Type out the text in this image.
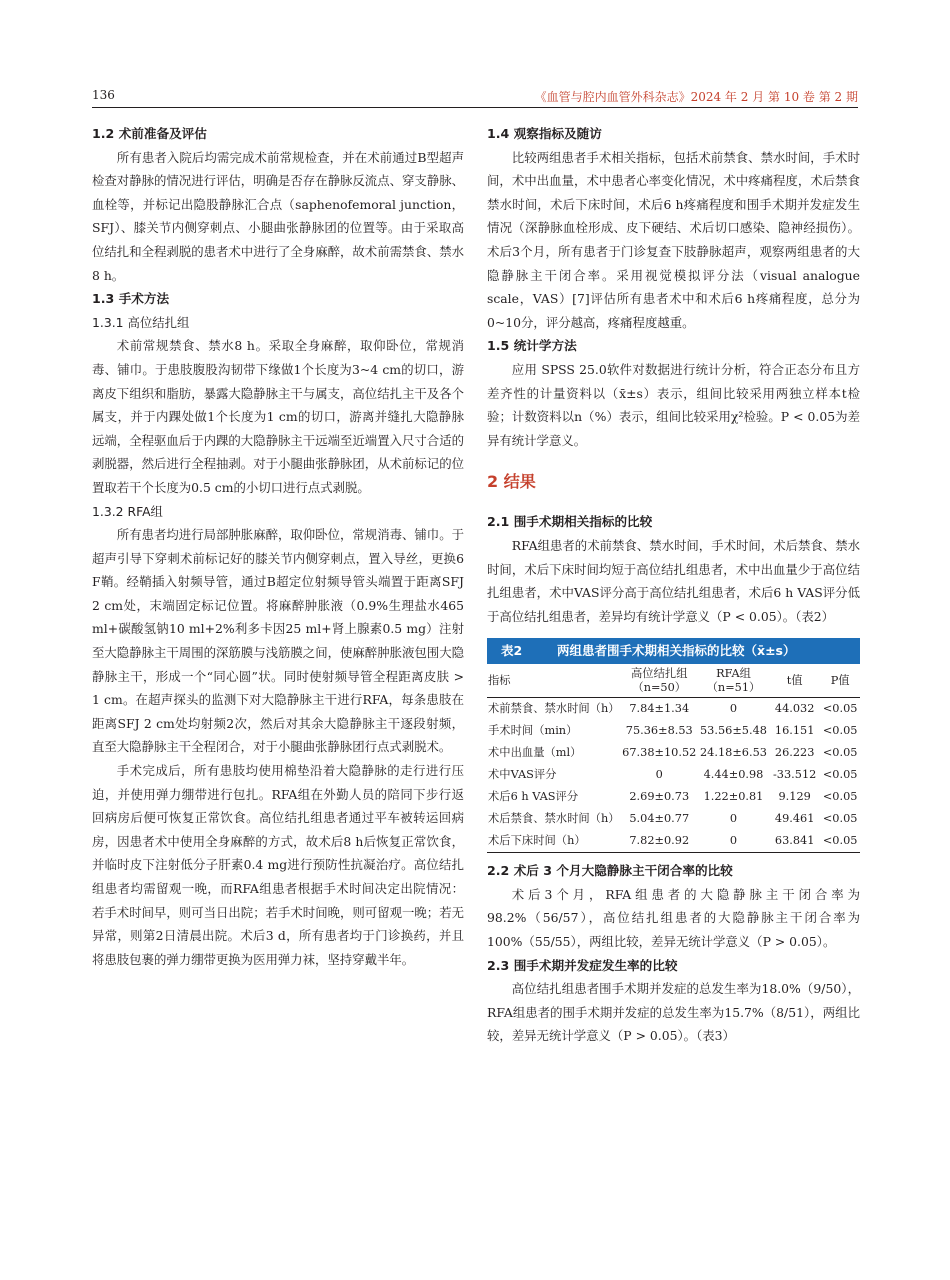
136	《血管与腔内血管外科杂志》2024 年 2 月 第 10 卷 第 2 期
1.2 术前准备及评估
所有患者入院后均需完成术前常规检查，并在术前通过B型超声检查对静脉的情况进行评估，明确是否存在静脉反流点、穿支静脉、血栓等，并标记出隐股静脉汇合点（saphenofemoral junction，SFJ）、膝关节内侧穿刺点、小腿曲张静脉团的位置等。由于采取高位结扎和全程剥脱的患者术中进行了全身麻醉，故术前需禁食、禁水8 h。
1.3 手术方法
1.3.1 高位结扎组
术前常规禁食、禁水8 h。采取全身麻醉，取仰卧位，常规消毒、铺巾。于患肢腹股沟韧带下缘做1个长度为3~4 cm的切口，游离皮下组织和脂肪，暴露大隐静脉主干与属支，高位结扎主干及各个属支，并于内踝处做1个长度为1 cm的切口，游离并缝扎大隐静脉远端，全程驱血后于内踝的大隐静脉主干远端至近端置入尺寸合适的剥脱器，然后进行全程抽剥。对于小腿曲张静脉团，从术前标记的位置取若干个长度为0.5 cm的小切口进行点式剥脱。
1.3.2 RFA组
所有患者均进行局部肿胀麻醉，取仰卧位，常规消毒、铺巾。于超声引导下穿刺术前标记好的膝关节内侧穿刺点，置入导丝，更换6 F鞘。经鞘插入射频导管，通过B超定位射频导管头端置于距离SFJ 2 cm处，末端固定标记位置。将麻醉肿胀液（0.9%生理盐水465 ml+碳酸氢钠10 ml+2%利多卡因25 ml+肾上腺素0.5 mg）注射至大隐静脉主干周围的深筋膜与浅筋膜之间，使麻醉肿胀液包围大隐静脉主干，形成一个“同心圆”状。同时使射频导管全程距离皮肤 > 1 cm。在超声探头的监测下对大隐静脉主干进行RFA，每条患肢在距离SFJ 2 cm处均射频2次，然后对其余大隐静脉主干逐段射频，直至大隐静脉主干全程闭合，对于小腿曲张静脉团行点式剥脱术。
手术完成后，所有患肢均使用棉垫沿着大隐静脉的走行进行压迫，并使用弹力绷带进行包扎。RFA组在外勤人员的陪同下步行返回病房后便可恢复正常饮食。高位结扎组患者通过平车被转运回病房，因患者术中使用全身麻醉的方式，故术后8 h后恢复正常饮食，并临时皮下注射低分子肝素0.4 mg进行预防性抗凝治疗。高位结扎组患者均需留观一晚，而RFA组患者根据手术时间决定出院情况：若手术时间早，则可当日出院；若手术时间晚，则可留观一晚；若无异常，则第2日清晨出院。术后3 d，所有患者均于门诊换药，并且将患肢包裹的弹力绷带更换为医用弹力袜，坚持穿戴半年。
1.4 观察指标及随访
比较两组患者手术相关指标，包括术前禁食、禁水时间，手术时间，术中出血量，术中患者心率变化情况，术中疼痛程度，术后禁食禁水时间，术后下床时间，术后6 h疼痛程度和围手术期并发症发生情况（深静脉血栓形成、皮下硬结、术后切口感染、隐神经损伤）。术后3个月，所有患者于门诊复查下肢静脉超声，观察两组患者的大隐静脉主干闭合率。采用视觉模拟评分法（visual analogue scale，VAS）[7]评估所有患者术中和术后6 h疼痛程度，总分为0~10分，评分越高，疼痛程度越重。
1.5 统计学方法
应用 SPSS 25.0软件对数据进行统计分析，符合正态分布且方差齐性的计量资料以（x̄±s）表示，组间比较采用两独立样本t检验；计数资料以n（%）表示，组间比较采用χ²检验。P < 0.05为差异有统计学意义。
2 结果
2.1 围手术期相关指标的比较
RFA组患者的术前禁食、禁水时间，手术时间，术后禁食、禁水时间，术后下床时间均短于高位结扎组患者，术中出血量少于高位结扎组患者，术中VAS评分高于高位结扎组患者，术后6 h VAS评分低于高位结扎组患者，差异均有统计学意义（P < 0.05）。（表2）
表2	两组患者围手术期相关指标的比较（x̄±s）
指标	高位结扎组（n=50）	RFA组（n=51）	t值	P值
术前禁食、禁水时间（h）	7.84±1.34	0	44.032	<0.05
手术时间（min）	75.36±8.53	53.56±5.48	16.151	<0.05
术中出血量（ml）	67.38±10.52	24.18±6.53	26.223	<0.05
术中VAS评分	0	4.44±0.98	-33.512	<0.05
术后6 h VAS评分	2.69±0.73	1.22±0.81	9.129	<0.05
术后禁食、禁水时间（h）	5.04±0.77	0	49.461	<0.05
术后下床时间（h）	7.82±0.92	0	63.841	<0.05
2.2 术后 3 个月大隐静脉主干闭合率的比较
术后3个月，RFA组患者的大隐静脉主干闭合率为98.2%（56/57），高位结扎组患者的大隐静脉主干闭合率为100%（55/55），两组比较，差异无统计学意义（P > 0.05）。
2.3 围手术期并发症发生率的比较
高位结扎组患者围手术期并发症的总发生率为18.0%（9/50），RFA组患者的围手术期并发症的总发生率为15.7%（8/51），两组比较，差异无统计学意义（P > 0.05）。（表3）
